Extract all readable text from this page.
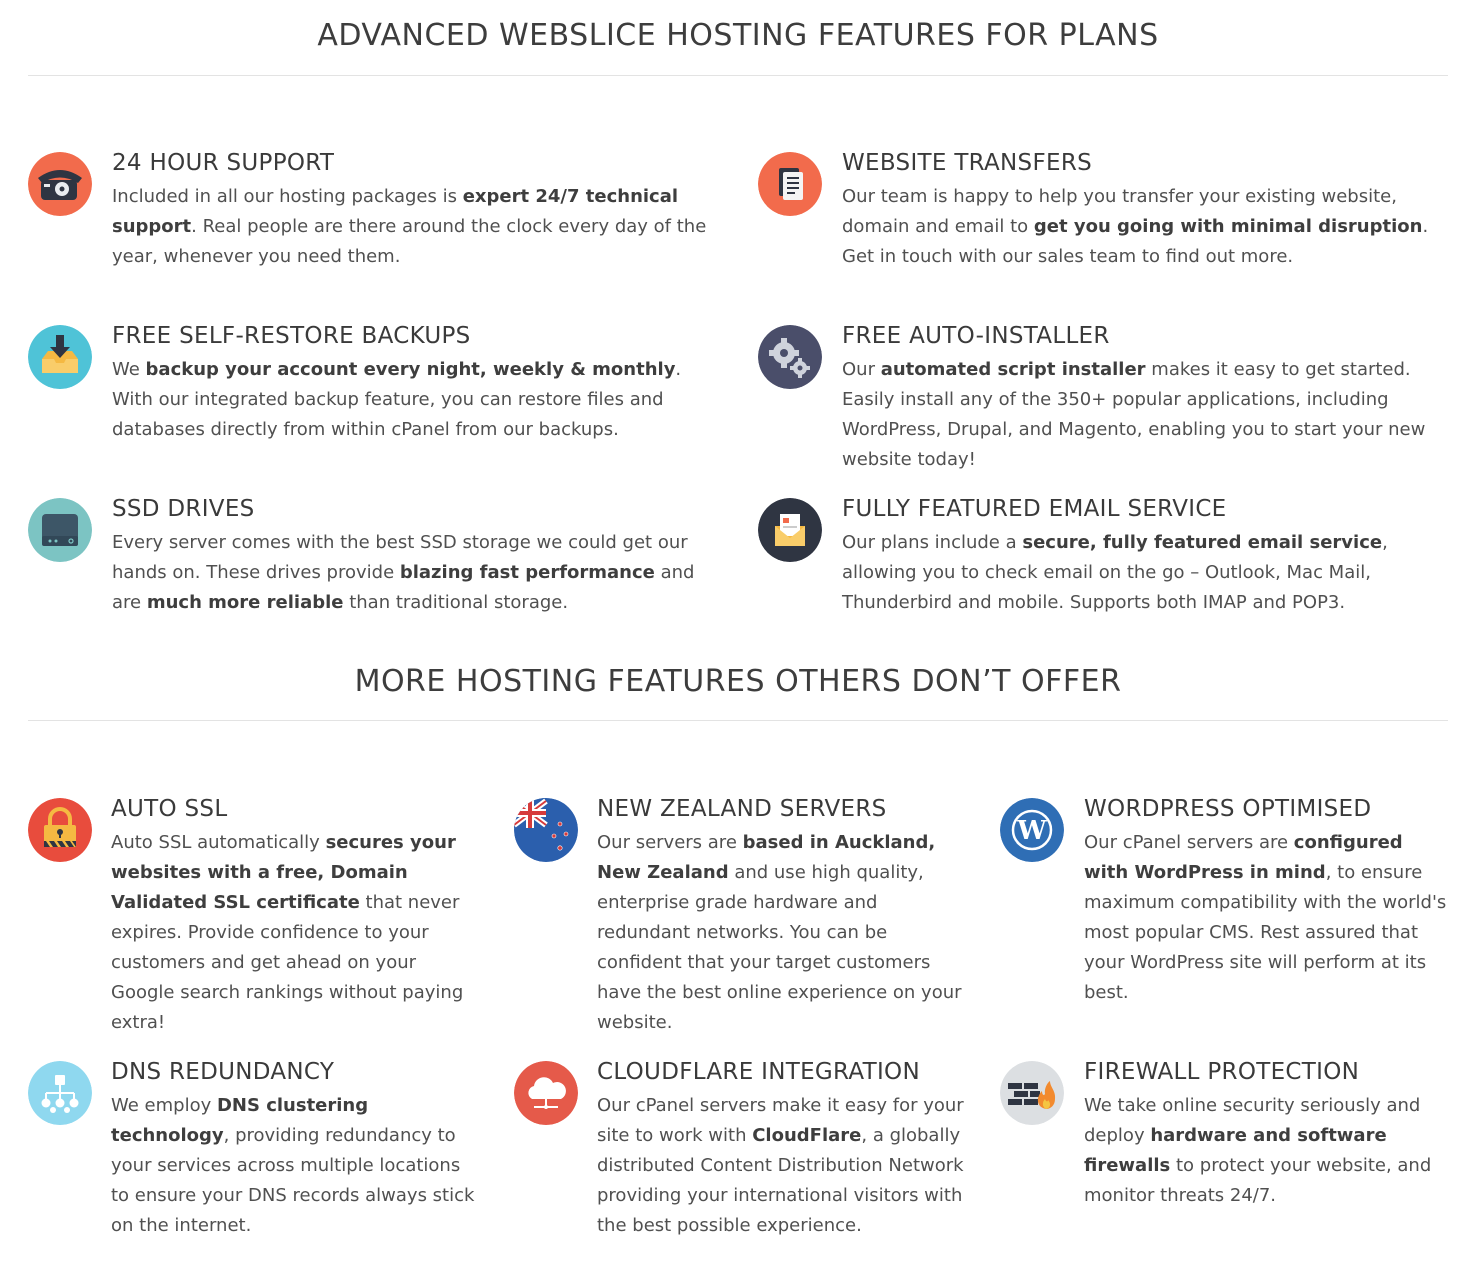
ADVANCED WEBSLICE HOSTING FEATURES FOR PLANS
24 HOUR SUPPORT

Included in all our hosting packages is expert 24/7 technical support. Real people are there around the clock every day of the year, whenever you need them.

WEBSITE TRANSFERS

Our team is happy to help you transfer your existing website, domain and email to get you going with minimal disruption. Get in touch with our sales team to find out more.

FREE SELF-RESTORE BACKUPS

We backup your account every night, weekly & monthly. With our integrated backup feature, you can restore files and databases directly from within cPanel from our backups.

FREE AUTO-INSTALLER

Our automated script installer makes it easy to get started. Easily install any of the 350+ popular applications, including WordPress, Drupal, and Magento, enabling you to start your new website today!

SSD DRIVES

Every server comes with the best SSD storage we could get our hands on. These drives provide blazing fast performance and are much more reliable than traditional storage.

FULLY FEATURED EMAIL SERVICE

Our plans include a secure, fully featured email service, allowing you to check email on the go – Outlook, Mac Mail, Thunderbird and mobile. Supports both IMAP and POP3.

MORE HOSTING FEATURES OTHERS DON’T OFFER
AUTO SSL

Auto SSL automatically secures your websites with a free, Domain Validated SSL certificate that never expires. Provide confidence to your customers and get ahead on your Google search rankings without paying extra!

NEW ZEALAND SERVERS

Our servers are based in Auckland, New Zealand and use high quality, enterprise grade hardware and redundant networks. You can be confident that your target customers have the best online experience on your website.

W
WORDPRESS OPTIMISED

Our cPanel servers are configured with WordPress in mind, to ensure maximum compatibility with the world's most popular CMS. Rest assured that your WordPress site will perform at its best.

DNS REDUNDANCY

We employ DNS clustering technology, providing redundancy to your services across multiple locations to ensure your DNS records always stick on the internet.

CLOUDFLARE INTEGRATION

Our cPanel servers make it easy for your site to work with CloudFlare, a globally distributed Content Distribution Network providing your international visitors with the best possible experience.

FIREWALL PROTECTION

We take online security seriously and deploy hardware and software firewalls to protect your website, and monitor threats 24/7.
